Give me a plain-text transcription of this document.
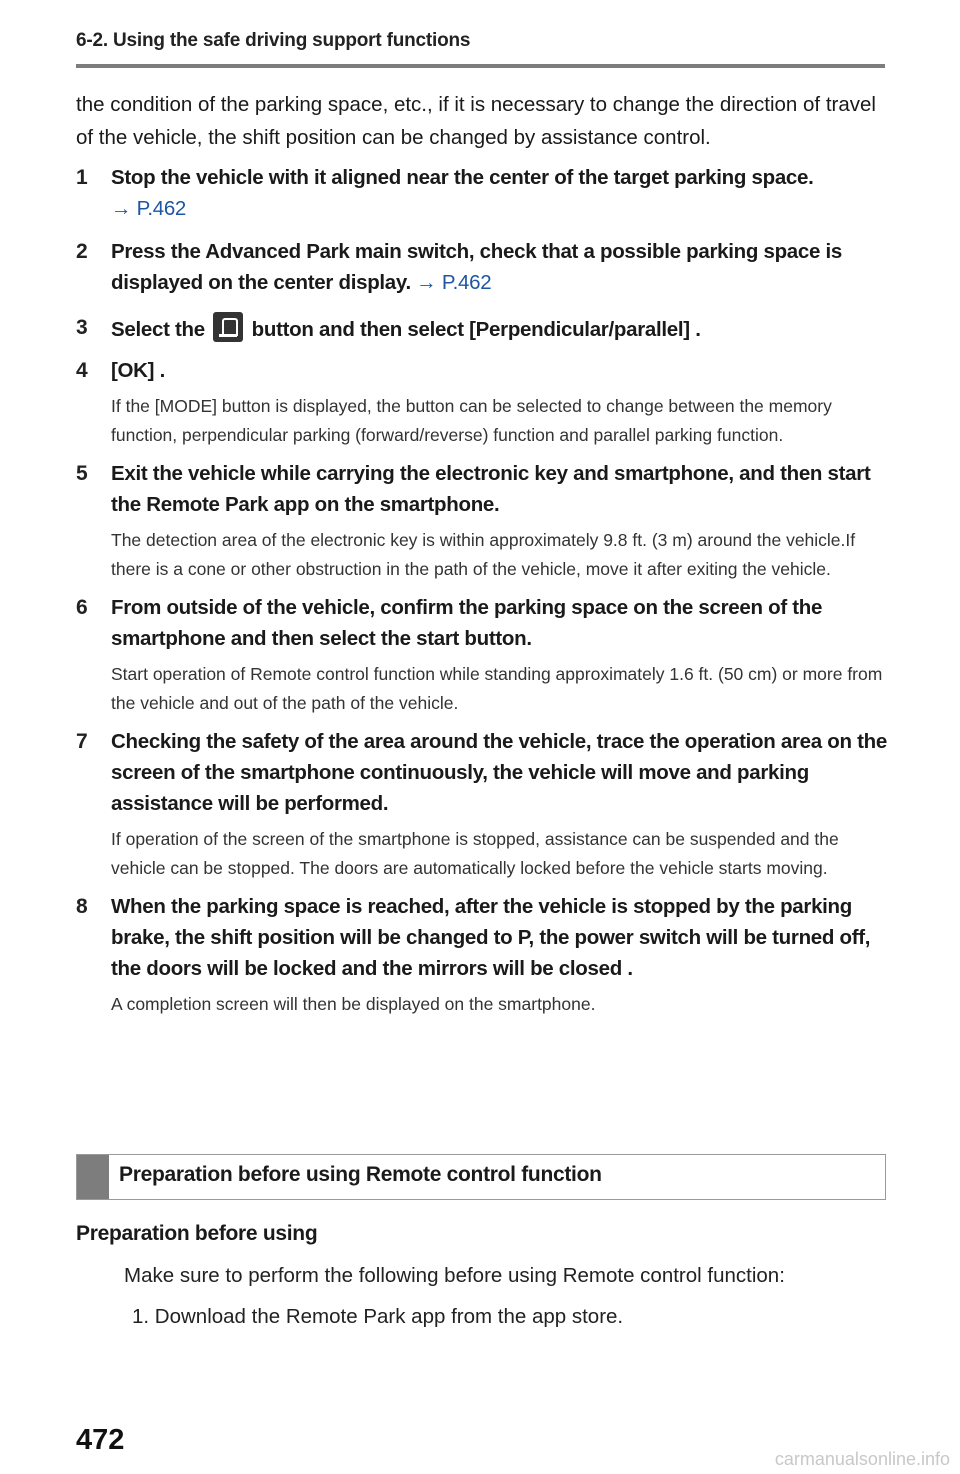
6-2. Using the safe driving support functions

the condition of the parking space, etc., if it is necessary to change the direction of travel of the vehicle, the shift position can be changed by assistance control.

1 Stop the vehicle with it aligned near the center of the target parking space.
→ P.462
2 Press the Advanced Park main switch, check that a possible parking space is displayed on the center display. → P.462
3 Select the button and then select [Perpendicular/parallel] .
4 [OK] .

If the [MODE] button is displayed, the button can be selected to change between the memory function, perpendicular parking (forward/reverse) function and parallel parking function.

5 Exit the vehicle while carrying the electronic key and smartphone, and then start the Remote Park app on the smartphone.

The detection area of the electronic key is within approximately 9.8 ft. (3 m) around the vehicle.If there is a cone or other obstruction in the path of the vehicle, move it after exiting the vehicle.

6 From outside of the vehicle, confirm the parking space on the screen of the smartphone and then select the start button.

Start operation of Remote control function while standing approximately 1.6 ft. (50 cm) or more from the vehicle and out of the path of the vehicle.

7 Checking the safety of the area around the vehicle, trace the operation area on the screen of the smartphone continuously, the vehicle will move and parking assistance will be performed.

If operation of the screen of the smartphone is stopped, assistance can be suspended and the vehicle can be stopped. The doors are automatically locked before the vehicle starts moving.

8 When the parking space is reached, after the vehicle is stopped by the parking brake, the shift position will be changed to P, the power switch will be turned off, the doors will be locked and the mirrors will be closed .

A completion screen will then be displayed on the smartphone.

Preparation before using Remote control function
Preparation before using
Make sure to perform the following before using Remote control function:
1. Download the Remote Park app from the app store.
472
carmanualsonline.info
